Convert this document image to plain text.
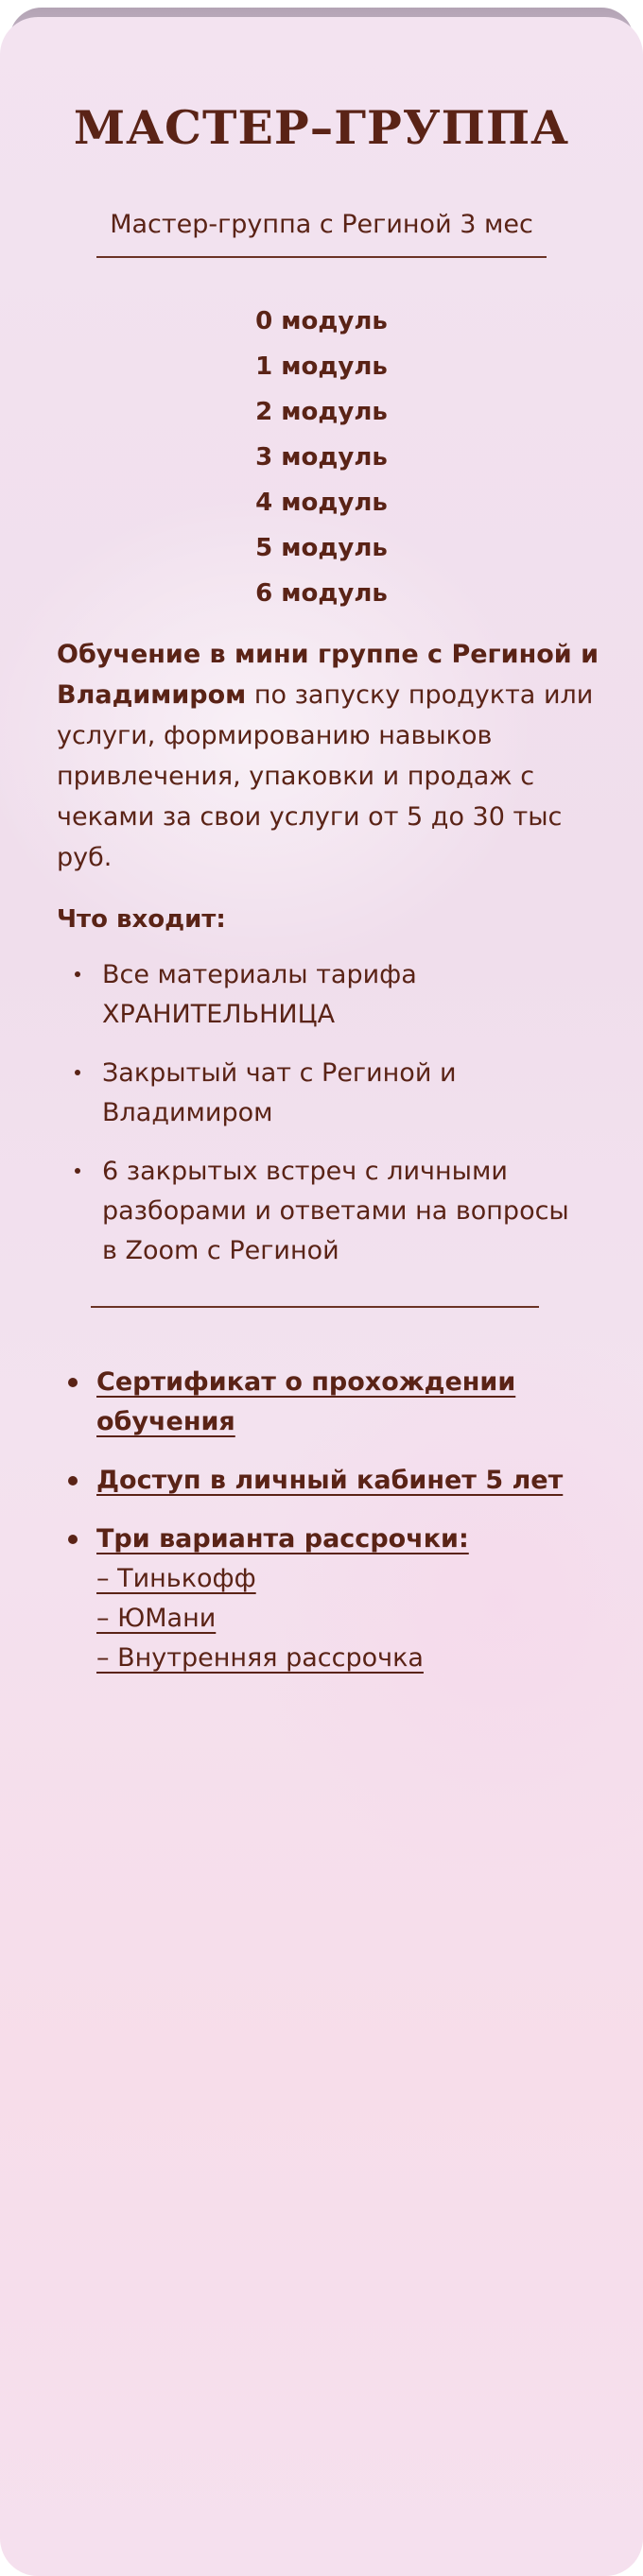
МАСТЕР–ГРУППА
Мастер-группа с Региной 3 мес
0 модуль
1 модуль
2 модуль
3 модуль
4 модуль
5 модуль
6 модуль

Обучение в мини группе с Региной и Владимиром по запуску продукта или услуги, формированию навыков привлечения, упаковки и продаж с чеками за свои услуги от 5 до 30 тыс руб.

Что входит:
Все материалы тарифа ХРАНИТЕЛЬНИЦА
Закрытый чат с Региной и Владимиром
6 закрытых встреч с личными разборами и ответами на вопросы в Zoom с Региной
Сертификат о прохождении обучения
Доступ в личный кабинет 5 лет
Три варианта рассрочки:
– Тинькофф
– ЮМани
– Внутренняя рассрочка
